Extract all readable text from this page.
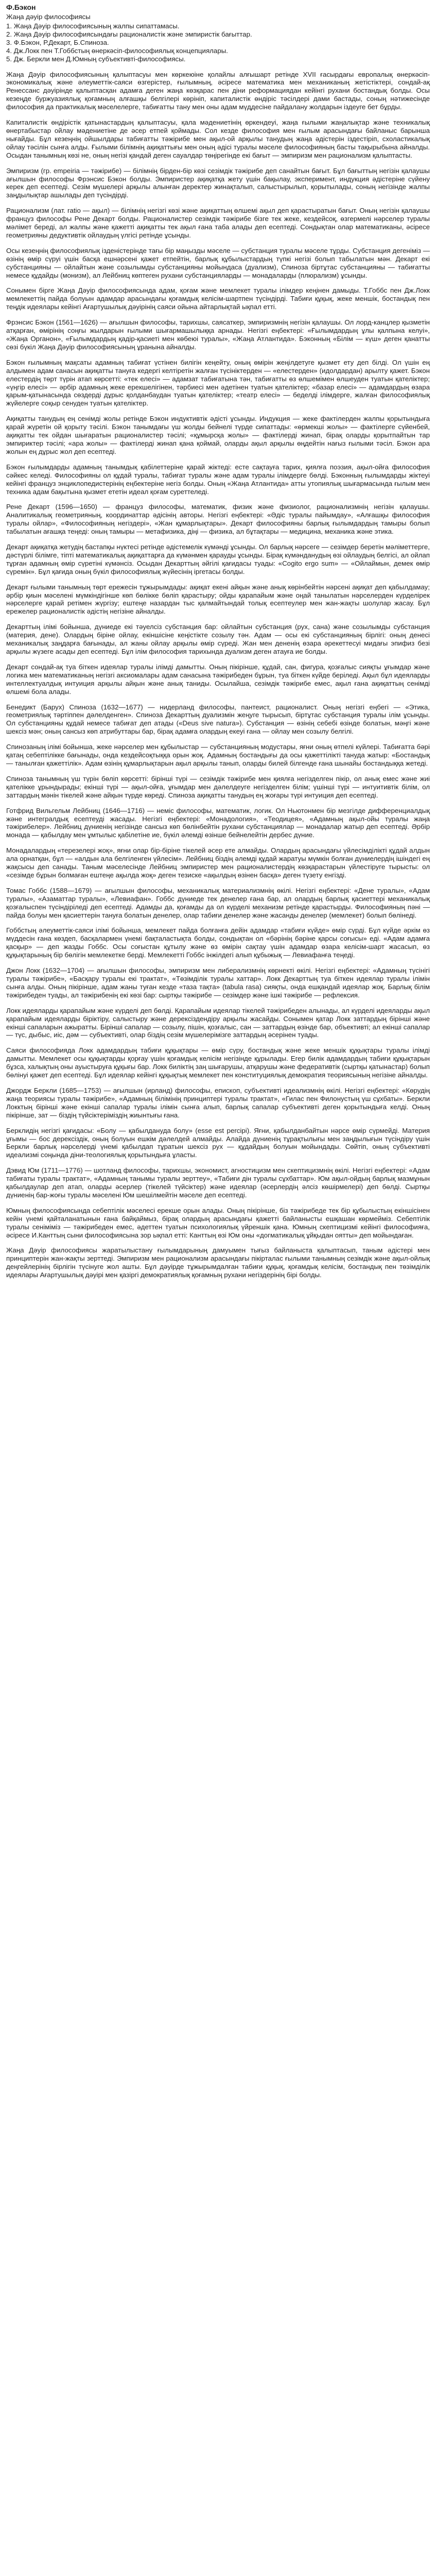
Ф.Бэкон
Жаңа дәуір философиясы

1. Жаңа Дәуір философиясының жалпы сипаттамасы.

2. Жаңа Дәуір философиясындағы рационалистік және эмпиристік бағыттар.

3. Ф.Бэкон, Р.Декарт, Б.Спиноза.

4. Дж.Локк пен Т.Гоббстың өнеркәсіп-философиялық концепциялары.

5. Дж. Беркли мен Д.Юмның субъективті-философиясы.

Жаңа Дәуір философиясының қалыптасуы мен көркеюіне қолайлы алғышарт ретінде XVII ғасырдағы европалық өнеркәсіп-экономикалық және әлеуметтік-саяси өзгерістер, ғылымның, әсіресе математика мен механиканың жетістіктері, сондай-ақ Ренессанс дәуірінде қалыптасқан адамға деген жаңа көзқарас пен діни реформациядан кейінгі рухани бостандық болды. Осы кезеңде буржуазиялық қоғамның алғашқы белгілері көрініп, капиталистік өндіріс тәсілдері дами бастады, соның нәтижесінде философия да практикалық мәселелерге, табиғатты тану мен оны адам мүддесіне пайдалану жолдарын іздеуге бет бұрды.

Капиталистік өндірістік қатынастардың қалыптасуы, қала мәдениетінің өркендеуі, жаңа ғылыми жаңалықтар және техникалық өнертабыстар ойлау мәдениетіне де әсер етпей қоймады. Сол кезде философия мен ғылым арасындағы байланыс барынша нығайды. Бұл кезеңнің ойшылдары табиғатты тәжірибе мен ақыл-ой арқылы танудың жаңа әдістерін іздестіріп, схоластикалық ойлау тәсілін сынға алды. Ғылыми білімнің ақиқаттығы мен оның әдісі туралы мәселе философияның басты тақырыбына айналды. Осыдан танымның көзі не, оның негізі қандай деген сауалдар төңірегінде екі бағыт — эмпиризм мен рационализм қалыптасты.

Эмпиризм (гр. empeiria — тәжірибе) — білімнің бірден-бір көзі сезімдік тәжірибе деп санайтын бағыт. Бұл бағыттың негізін қалаушы ағылшын философы Фрэнсис Бэкон болды. Эмпиристер ақиқатқа жету үшін бақылау, эксперимент, индукция әдістеріне сүйену керек деп есептеді. Сезім мүшелері арқылы алынған деректер жинақталып, салыстырылып, қорытылады, соның негізінде жалпы заңдылықтар ашылады деп түсіндірді.

Рационализм (лат. ratio — ақыл) — білімнің негізгі көзі және ақиқаттың өлшемі ақыл деп қарастыратын бағыт. Оның негізін қалаушы француз философы Рене Декарт болды. Рационалистер сезімдік тәжірибе бізге тек жеке, кездейсоқ, өзгермелі нәрселер туралы мәлімет береді, ал жалпы және қажетті ақиқатты тек ақыл ғана таба алады деп есептеді. Сондықтан олар математиканы, әсіресе геометрияны дедуктивтік ойлаудың үлгісі ретінде ұсынды.

Осы кезеңнің философиялық ізденістерінде тағы бір маңызды мәселе — субстанция туралы мәселе тұрды. Субстанция дегеніміз — өзінің өмір сүруі үшін басқа ешнәрсені қажет етпейтін, барлық құбылыстардың түпкі негізі болып табылатын мән. Декарт екі субстанцияны — ойлайтын және созылымды субстанцияны мойындаса (дуализм), Спиноза біртұтас субстанцияны — табиғатты немесе құдайды (монизм), ал Лейбниц көптеген рухани субстанцияларды — монадаларды (плюрализм) ұсынды.

Сонымен бірге Жаңа Дәуір философиясында адам, қоғам және мемлекет туралы ілімдер кеңінен дамыды. Т.Гоббс пен Дж.Локк мемлекеттің пайда болуын адамдар арасындағы қоғамдық келісім-шартпен түсіндірді. Табиғи құқық, жеке меншік, бостандық пен теңдік идеялары кейінгі Ағартушылық дәуірінің саяси ойына айтарлықтай ықпал етті.

Фрэнсис Бэкон (1561—1626) — ағылшын философы, тарихшы, саясаткер, эмпиризмнің негізін қалаушы. Ол лорд-канцлер қызметін атқарған, өмірінің соңғы жылдарын ғылыми шығармашылыққа арнады. Негізгі еңбектері: «Ғылымдардың ұлы қалпына келуі», «Жаңа Органон», «Ғылымдардың қадір-қасиеті мен көбеюі туралы», «Жаңа Атлантида». Бэконның «Білім — күш» деген қанатты сөзі бүкіл Жаңа Дәуір философиясының ұранына айналды.

Бэкон ғылымның мақсаты адамның табиғат үстінен билігін кеңейту, оның өмірін жеңілдетуге қызмет ету деп білді. Ол үшін ең алдымен адам санасын ақиқатты тануға кедергі келтіретін жалған түсініктерден — «елестерден» (идолдардан) арылту қажет. Бэкон елестердің төрт түрін атап көрсетті: «тек елесі» — адамзат табиғатына тән, табиғатты өз өлшемімен өлшеуден туатын қателіктер; «үңгір елесі» — әрбір адамның жеке ерекшелігінен, тәрбиесі мен әдетінен туатын қателіктер; «базар елесі» — адамдардың өзара қарым-қатынасында сөздерді дұрыс қолданбаудан туатын қателіктер; «театр елесі» — беделді ілімдерге, жалған философиялық жүйелерге соқыр сенуден туатын қателіктер.

Ақиқатты танудың ең сенімді жолы ретінде Бэкон индуктивтік әдісті ұсынды. Индукция — жеке фактілерден жалпы қорытындыға қарай жүретін ой қорыту тәсілі. Бэкон танымдағы үш жолды бейнелі түрде сипаттады: «өрмекші жолы» — фактілерге сүйенбей, ақиқатты тек ойдан шығаратын рационалистер тәсілі; «құмырсқа жолы» — фактілерді жинап, бірақ оларды қорытпайтын тар эмпириктер тәсілі; «ара жолы» — фактілерді жинап қана қоймай, оларды ақыл арқылы өңдейтін нағыз ғылыми тәсіл. Бэкон ара жолын ең дұрыс жол деп есептеді.

Бэкон ғылымдарды адамның танымдық қабілеттеріне қарай жіктеді: есте сақтауға тарих, қиялға поэзия, ақыл-ойға философия сәйкес келеді. Философияны ол құдай туралы, табиғат туралы және адам туралы ілімдерге бөлді. Бэконның ғылымдарды жіктеуі кейінгі француз энциклопедистерінің еңбектеріне негіз болды. Оның «Жаңа Атлантида» атты утопиялық шығармасында ғылым мен техника адам бақытына қызмет ететін идеал қоғам суреттеледі.

Рене Декарт (1596—1650) — француз философы, математик, физик және физиолог, рационализмнің негізін қалаушы. Аналитикалық геометрияның, координаттар әдісінің авторы. Негізгі еңбектері: «Әдіс туралы пайымдау», «Алғашқы философия туралы ойлар», «Философияның негіздері», «Жан құмарлықтары». Декарт философияны барлық ғылымдардың тамыры болып табылатын ағашқа теңеді: оның тамыры — метафизика, діңі — физика, ал бұтақтары — медицина, механика және этика.

Декарт ақиқатқа жетудің бастапқы нүктесі ретінде әдістемелік күмәнді ұсынды. Ол барлық нәрсеге — сезімдер беретін мәліметтерге, дәстүрлі білімге, тіпті математикалық ақиқаттарға да күмәнмен қарауды ұсынды. Бірақ күмәнданудың өзі ойлаудың белгісі, ал ойлап тұрған адамның өмір сүретіні күмәнсіз. Осыдан Декарттың әйгілі қағидасы туады: «Cogito ergo sum» — «Ойлаймын, демек өмір сүремін». Бұл қағида оның бүкіл философиялық жүйесінің іргетасы болды.

Декарт ғылыми танымның төрт ережесін тұжырымдады: ақиқат екені айқын және анық көрінбейтін нәрсені ақиқат деп қабылдамау; әрбір қиын мәселені мүмкіндігінше көп бөлікке бөліп қарастыру; ойды қарапайым және оңай танылатын нәрселерден күрделірек нәрселерге қарай ретімен жүргізу; ештеңе назардан тыс қалмайтындай толық есептеулер мен жан-жақты шолулар жасау. Бұл ережелер рационалистік әдістің негізіне айналды.

Декарттың ілімі бойынша, дүниеде екі тәуелсіз субстанция бар: ойлайтын субстанция (рух, сана) және созылымды субстанция (материя, дене). Олардың біріне ойлау, екіншісіне кеңістікте созылу тән. Адам — осы екі субстанцияның бірлігі: оның денесі механикалық заңдарға бағынады, ал жаны ойлау арқылы өмір сүреді. Жан мен дененің өзара әрекеттесуі мидағы эпифиз безі арқылы жүзеге асады деп есептеді. Бұл ілім философия тарихында дуализм деген атауға ие болды.

Декарт сондай-ақ туа біткен идеялар туралы ілімді дамытты. Оның пікірінше, құдай, сан, фигура, қозғалыс сияқты ұғымдар және логика мен математиканың негізгі аксиомалары адам санасына тәжірибеден бұрын, туа біткен күйде беріледі. Ақыл бұл идеяларды интеллектуалдық интуиция арқылы айқын және анық таниды. Осылайша, сезімдік тәжірибе емес, ақыл ғана ақиқаттың сенімді өлшемі бола алады.

Бенедикт (Барух) Спиноза (1632—1677) — нидерланд философы, пантеист, рационалист. Оның негізгі еңбегі — «Этика, геометриялық тәртіппен дәлелденген». Спиноза Декарттың дуализмін жеңуге тырысып, біртұтас субстанция туралы ілім ұсынды. Ол субстанцияны құдай немесе табиғат деп атады («Deus sive natura»). Субстанция — өзінің себебі өзінде болатын, мәңгі және шексіз мән; оның сансыз көп атрибуттары бар, бірақ адамға олардың екеуі ғана — ойлау мен созылу белгілі.

Спинозаның ілімі бойынша, жеке нәрселер мен құбылыстар — субстанцияның модустары, яғни оның өтпелі күйлері. Табиғатта бәрі қатаң себептілікке бағынады, онда кездейсоқтыққа орын жоқ. Адамның бостандығы да осы қажеттілікті тануда жатыр: «Бостандық — танылған қажеттілік». Адам өзінің құмарлықтарын ақыл арқылы танып, оларды билей білгенде ғана шынайы бостандыққа жетеді.

Спиноза танымның үш түрін бөліп көрсетті: бірінші түрі — сезімдік тәжірибе мен қиялға негізделген пікір, ол анық емес және жиі қателікке ұрындырады; екінші түрі — ақыл-ойға, ұғымдар мен дәлелдеуге негізделген білім; үшінші түрі — интуитивтік білім, ол заттардың мәнін тікелей және айқын түрде көреді. Спиноза ақиқатты танудың ең жоғары түрі интуиция деп есептеді.

Готфрид Вильгельм Лейбниц (1646—1716) — неміс философы, математик, логик. Ол Ньютонмен бір мезгілде дифференциалдық және интегралдық есептеуді жасады. Негізгі еңбектері: «Монадология», «Теодицея», «Адамның ақыл-ойы туралы жаңа тәжірибелер». Лейбниц дүниенің негізінде сансыз көп бөлінбейтін рухани субстанциялар — монадалар жатыр деп есептеді. Әрбір монада — қабылдау мен ұмтылыс қабілетіне ие, бүкіл әлемді өзінше бейнелейтін дербес дүние.

Монадалардың «терезелері жоқ», яғни олар бір-біріне тікелей әсер ете алмайды. Олардың арасындағы үйлесімділікті құдай алдын ала орнатқан, бұл — «алдын ала белгіленген үйлесім». Лейбниц біздің әлемді құдай жаратуы мүмкін болған дүниелердің ішіндегі ең жақсысы деп санады. Таным мәселесінде Лейбниц эмпиристер мен рационалистердің көзқарастарын үйлестіруге тырысты: ол «сезімде бұрын болмаған ештеңе ақылда жоқ» деген тезиске «ақылдың өзінен басқа» деген түзету енгізді.

Томас Гоббс (1588—1679) — ағылшын философы, механикалық материализмнің өкілі. Негізгі еңбектері: «Дене туралы», «Адам туралы», «Азаматтар туралы», «Левиафан». Гоббс дүниеде тек денелер ғана бар, ал олардың барлық қасиеттері механикалық қозғалыспен түсіндіріледі деп есептеді. Адамды да, қоғамды да ол күрделі механизм ретінде қарастырды. Философияның пәні — пайда болуы мен қасиеттерін тануға болатын денелер, олар табиғи денелер және жасанды денелер (мемлекет) болып бөлінеді.

Гоббстың әлеуметтік-саяси ілімі бойынша, мемлекет пайда болғанға дейін адамдар «табиғи күйде» өмір сүрді. Бұл күйде әркім өз мүддесін ғана көздеп, басқалармен үнемі бақталастықта болды, сондықтан ол «бәрінің бәріне қарсы соғысы» еді. «Адам адамға қасқыр» — деп жазды Гоббс. Осы соғыстан құтылу және өз өмірін сақтау үшін адамдар өзара келісім-шарт жасасып, өз құқықтарының бір бөлігін мемлекетке берді. Мемлекетті Гоббс інжілдегі алып құбыжық — Левиафанға теңеді.

Джон Локк (1632—1704) — ағылшын философы, эмпиризм мен либерализмнің көрнекті өкілі. Негізгі еңбектері: «Адамның түсінігі туралы тәжірибе», «Басқару туралы екі трактат», «Төзімділік туралы хаттар». Локк Декарттың туа біткен идеялар туралы ілімін сынға алды. Оның пікірінше, адам жаны туған кезде «таза тақта» (tabula rasa) сияқты, онда ешқандай идеялар жоқ. Барлық білім тәжірибеден туады, ал тәжірибенің екі көзі бар: сыртқы тәжірибе — сезімдер және ішкі тәжірибе — рефлексия.

Локк идеяларды қарапайым және күрделі деп бөлді. Қарапайым идеялар тікелей тәжірибеден алынады, ал күрделі идеяларды ақыл қарапайым идеяларды біріктіру, салыстыру және дерексіздендіру арқылы жасайды. Сонымен қатар Локк заттардың бірінші және екінші сапаларын ажыратты. Бірінші сапалар — созылу, пішін, қозғалыс, сан — заттардың өзінде бар, объективті; ал екінші сапалар — түс, дыбыс, иіс, дәм — субъективті, олар біздің сезім мүшелерімізге заттардың әсерінен туады.

Саяси философияда Локк адамдардың табиғи құқықтары — өмір сүру, бостандық және жеке меншік құқықтары туралы ілімді дамытты. Мемлекет осы құқықтарды қорғау үшін қоғамдық келісім негізінде құрылады. Егер билік адамдардың табиғи құқықтарын бұзса, халықтың оны ауыстыруға құқығы бар. Локк биліктің заң шығарушы, атқарушы және федеративтік (сыртқы қатынастар) болып бөлінуі қажет деп есептеді. Бұл идеялар кейінгі құқықтық мемлекет пен конституциялық демократия теориясының негізіне айналды.

Джордж Беркли (1685—1753) — ағылшын (ирланд) философы, епископ, субъективті идеализмнің өкілі. Негізгі еңбектері: «Көрудің жаңа теориясы туралы тәжірибе», «Адамның білімінің принциптері туралы трактат», «Гилас пен Филонустың үш сұхбаты». Беркли Локктың бірінші және екінші сапалар туралы ілімін сынға алып, барлық сапалар субъективті деген қорытындыға келді. Оның пікірінше, зат — біздің түйсіктеріміздің жиынтығы ғана.

Берклидің негізгі қағидасы: «Болу — қабылдануда болу» (esse est percipi). Яғни, қабылданбайтын нәрсе өмір сүрмейді. Материя ұғымы — бос дерексіздік, оның болуын ешкім дәлелдей алмайды. Алайда дүниенің тұрақтылығы мен заңдылығын түсіндіру үшін Беркли барлық нәрселерді үнемі қабылдап тұратын шексіз рух — құдайдың болуын мойындады. Сөйтіп, оның субъективті идеализмі соңында діни-теологиялық қорытындыға ұласты.

Дэвид Юм (1711—1776) — шотланд философы, тарихшы, экономист, агностицизм мен скептицизмнің өкілі. Негізгі еңбектері: «Адам табиғаты туралы трактат», «Адамның танымы туралы зерттеу», «Табиғи дін туралы сұхбаттар». Юм ақыл-ойдың барлық мазмұнын қабылдаулар деп атап, оларды әсерлер (тікелей түйсіктер) және идеялар (әсерлердің әлсіз көшірмелері) деп бөлді. Сыртқы дүниенің бар-жоғы туралы мәселені Юм шешілмейтін мәселе деп есептеді.

Юмның философиясында себептілік мәселесі ерекше орын алады. Оның пікірінше, біз тәжірибеде тек бір құбылыстың екіншісінен кейін үнемі қайталанатынын ғана байқаймыз, бірақ олардың арасындағы қажетті байланысты ешқашан көрмейміз. Себептілік туралы сеніміміз — тәжірибеден емес, әдеттен туатын психологиялық үйреншік қана. Юмның скептицизмі кейінгі философияға, әсіресе И.Канттың сыни философиясына зор ықпал етті: Канттың өзі Юм оны «догматикалық ұйқыдан оятты» деп мойындаған.

Жаңа Дәуір философиясы жаратылыстану ғылымдарының дамуымен тығыз байланыста қалыптасып, таным әдістері мен принциптерін жан-жақты зерттеді. Эмпиризм мен рационализм арасындағы пікірталас ғылыми танымның сезімдік және ақыл-ойлық деңгейлерінің бірлігін түсінуге жол ашты. Бұл дәуірде тұжырымдалған табиғи құқық, қоғамдық келісім, бостандық пен төзімділік идеялары Ағартушылық дәуірі мен қазіргі демократиялық қоғамның рухани негіздерінің бірі болды.
